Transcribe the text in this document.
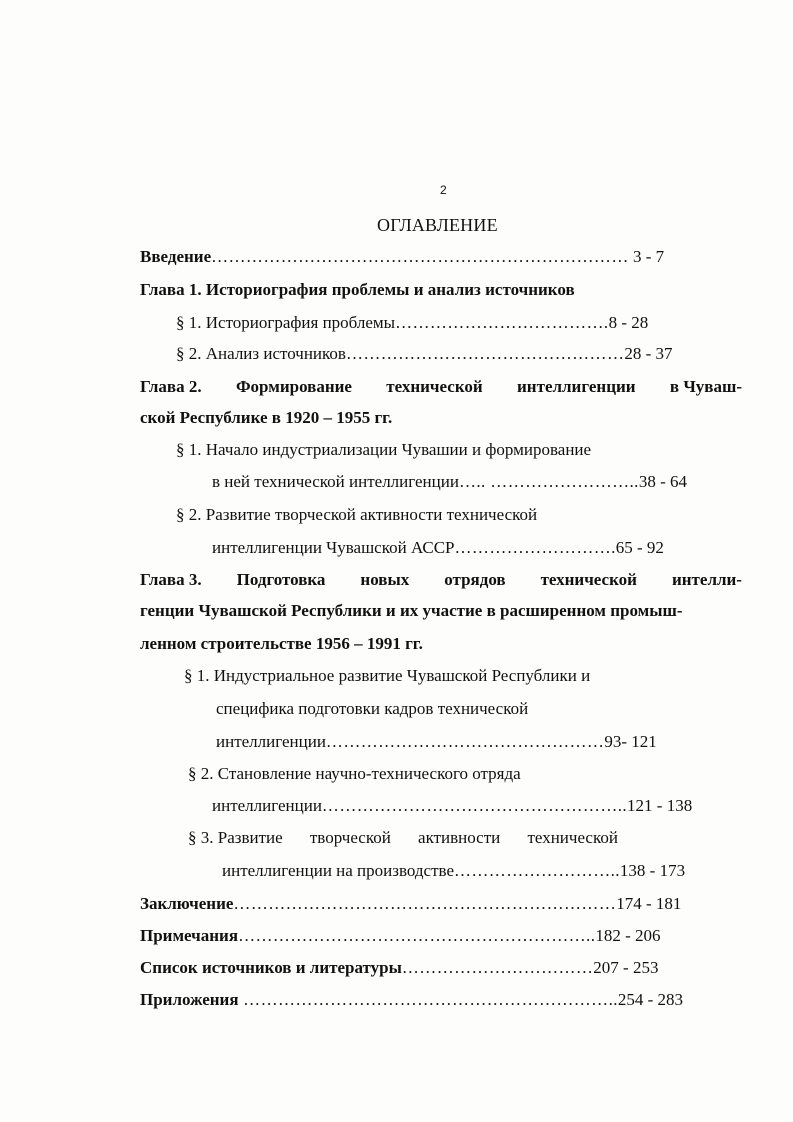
2
ОГЛАВЛЕНИЕ
Введение……………………………………………………………… 3 - 7
Глава 1. Историография проблемы и анализ источников
§ 1. Историография проблемы……………………………….8 - 28
§ 2. Анализ источников…………………………………………28 - 37
Глава 2. Формирование технической интеллигенции в Чуваш-
ской Республике в 1920 – 1955 гг.
§ 1. Начало индустриализации Чувашии и формирование
в ней технической интеллигенции….. ……………………..38 - 64
§ 2. Развитие творческой активности технической
интеллигенции Чувашской АССР……………………….65 - 92
Глава 3. Подготовка новых отрядов технической интелли-
генции Чувашской Республики и их участие в расширенном промыш-
ленном строительстве 1956 – 1991 гг.
§ 1. Индустриальное развитие Чувашской Республики и
специфика подготовки кадров технической
интеллигенции…………………………………………93- 121
§ 2. Становление научно-технического отряда
интеллигенции……………………………………………..121 - 138
§ 3. Развитие творческой активности технической
интеллигенции на производстве………………………..138 - 173
Заключение…………………………………………………………174 - 181
Примечания……………………………………………………..182 - 206
Список источников и литературы……………………………207 - 253
Приложения ………………………………………………………..254 - 283
